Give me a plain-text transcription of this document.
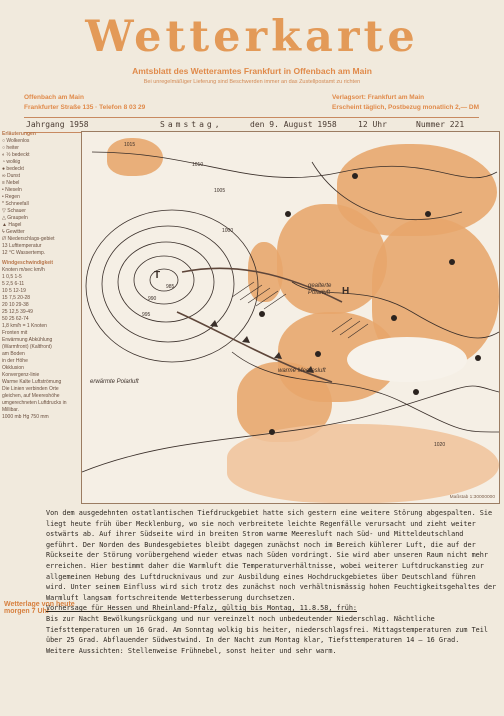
Wetterkarte
Amtsblatt des Wetteramtes Frankfurt in Offenbach am Main
Bei unregelmäßiger Lieferung sind Beschwerden immer an das Zustellpostamt zu richten
Offenbach am Main
Frankfurter Straße 135 · Telefon 8 03 29
Verlagsort: Frankfurt am Main
Erscheint täglich, Postbezug monatlich 2,— DM
Jahrgang 1958	Samstag,	den 9. August 1958	12 Uhr	Nummer 221
Erläuterungen
○ Wolkenlos
○ heiter
◐ ½ bedeckt
◔ wolkig
● bedeckt
∞ Dunst
≡ Nebel
• Nieseln
• Regen
* Schneefall
▽ Schauer
△ Graupeln
▲ Hagel
ϟ Gewitter
/// Niederschlags-gebiet
13 Lufttemperatur
12 °C Wassertemp.
Windgeschwindigkeit
Knoten m/sec km/h
1 0,5 1-5
5 2,5 6-11
10 5 12-19
15 7,5 20-28
20 10 29-38
25 12,5 39-49
50 25 62-74
1,8 km/h = 1 Knoten
Fronten mit
Erwärmung Abkühlung
(Warmfront) (Kaltfront)
am Boden
in der Höhe
Okklusion
Konvergenz-linie
Warme Kalte Luftströmung
Die Linien verbinden Orte gleichen, auf Meereshöhe umgerechneten Luftdrucks in Millibar.
1000 mb Hg 750 mm
Wetterlage von heute morgen 7 Uhr
T
H
gealterte Polarluft
erwärmte Polarluft
warme Meeresluft
1015
1010
1005
1000
995
990
985
1020
Maßstab 1:30000000

Von dem ausgedehnten ostatlantischen Tiefdruckgebiet hatte sich gestern eine weitere Störung abgespalten. Sie liegt heute früh über Mecklenburg, wo sie noch verbreitete leichte Regenfälle verursacht und zieht weiter ostwärts ab. Auf ihrer Südseite wird in breiten Strom warme Meeresluft nach Süd- und Mitteldeutschland geführt. Der Norden des Bundesgebietes bleibt dagegen zunächst noch im Bereich kühlerer Luft, die auf der Rückseite der Störung vorübergehend wieder etwas nach Süden vordringt. Sie wird aber unseren Raum nicht mehr erreichen. Hier bestimmt daher die Warmluft die Temperaturverhältnisse, wobei weiterer Luftdruckanstieg zur allgemeinen Hebung des Luftdrucknivaus und zur Ausbildung eines Hochdruckgebietes über Deutschland führen wird. Unter seinem Einfluss wird sich trotz des zunächst noch verhältnismässig hohen Feuchtigkeitsgehaltes der Warmluft langsam fortschreitende Wetterbesserung durchsetzen.

Vorhersage für Hessen und Rheinland-Pfalz, gültig bis Montag, 11.8.58, früh:

Bis zur Nacht Bewölkungsrückgang und nur vereinzelt noch unbedeutender Niederschlag. Nächtliche Tiefsttemperaturen um 16 Grad. Am Sonntag wolkig bis heiter, niederschlagsfrei. Mittagstemperaturen zum Teil über 25 Grad. Abflauender Südwestwind. In der Nacht zum Montag klar, Tiefsttemperaturen 14 – 16 Grad.

Weitere Aussichten: Stellenweise Frühnebel, sonst heiter und sehr warm.
